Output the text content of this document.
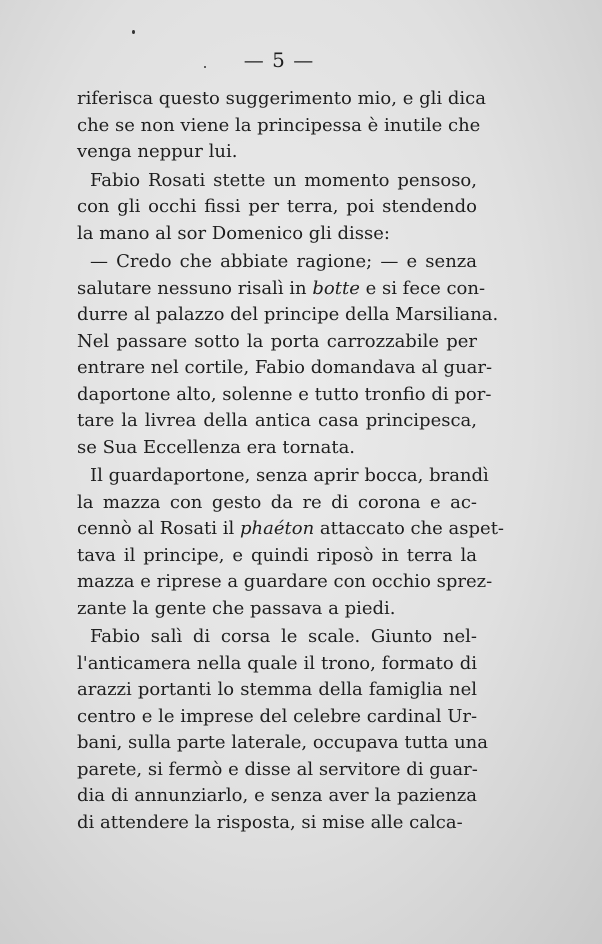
— 5 —
riferisca questo suggerimento mio, e gli dica
che se non viene la principessa è inutile che
venga neppur lui.
Fabio Rosati stette un momento pensoso,
con gli occhi fissi per terra, poi stendendo
la mano al sor Domenico gli disse:
— Credo che abbiate ragione; — e senza
salutare nessuno risalì in botte e si fece con-
durre al palazzo del principe della Marsiliana.
Nel passare sotto la porta carrozzabile per
entrare nel cortile, Fabio domandava al guar-
daportone alto, solenne e tutto tronfio di por-
tare la livrea della antica casa principesca,
se Sua Eccellenza era tornata.
Il guardaportone, senza aprir bocca, brandì
la mazza con gesto da re di corona e ac-
cennò al Rosati il phaéton attaccato che aspet-
tava il principe, e quindi riposò in terra la
mazza e riprese a guardare con occhio sprez-
zante la gente che passava a piedi.
Fabio salì di corsa le scale. Giunto nel-
l'anticamera nella quale il trono, formato di
arazzi portanti lo stemma della famiglia nel
centro e le imprese del celebre cardinal Ur-
bani, sulla parte laterale, occupava tutta una
parete, si fermò e disse al servitore di guar-
dia di annunziarlo, e senza aver la pazienza
di attendere la risposta, si mise alle calca-
